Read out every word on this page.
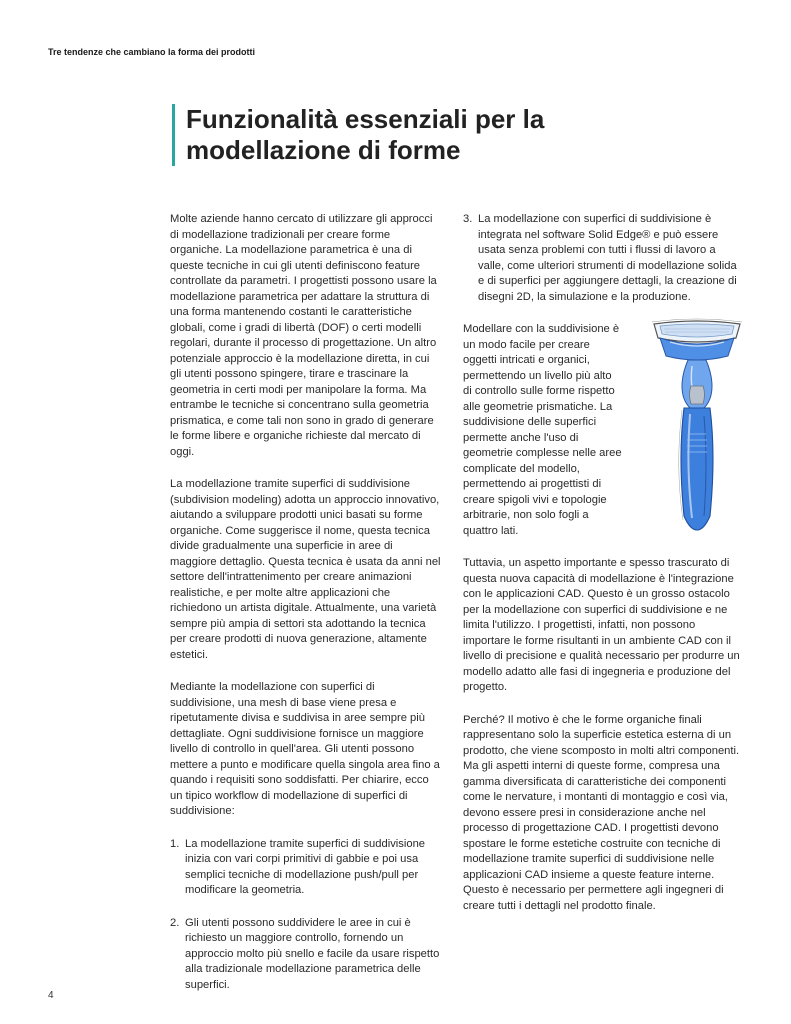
Tre tendenze che cambiano la forma dei prodotti
Funzionalità essenziali per la
modellazione di forme

Molte aziende hanno cercato di utilizzare gli approcci di modellazione tradizionali per creare forme organiche. La modellazione parametrica è una di queste tecniche in cui gli utenti definiscono feature controllate da parametri. I progettisti possono usare la modellazione parametrica per adattare la struttura di una forma mantenendo costanti le caratteristiche globali, come i gradi di libertà (DOF) o certi modelli regolari, durante il processo di progettazione. Un altro potenziale approccio è la modellazione diretta, in cui gli utenti possono spingere, tirare e trascinare la geometria in certi modi per manipolare la forma. Ma entrambe le tecniche si concentrano sulla geometria prismatica, e come tali non sono in grado di generare le forme libere e organiche richieste dal mercato di oggi.

La modellazione tramite superfici di suddivisione (subdivision modeling) adotta un approccio innovativo, aiutando a sviluppare prodotti unici basati su forme organiche. Come suggerisce il nome, questa tecnica divide gradualmente una superficie in aree di maggiore dettaglio. Questa tecnica è usata da anni nel settore dell'intrattenimento per creare animazioni realistiche, e per molte altre applicazioni che richiedono un artista digitale. Attualmente, una varietà sempre più ampia di settori sta adottando la tecnica per creare prodotti di nuova generazione, altamente estetici.

Mediante la modellazione con superfici di suddivisione, una mesh di base viene presa e ripetutamente divisa e suddivisa in aree sempre più dettagliate. Ogni suddivisione fornisce un maggiore livello di controllo in quell'area. Gli utenti possono mettere a punto e modificare quella singola area fino a quando i requisiti sono soddisfatti. Per chiarire, ecco un tipico workflow di modellazione di superfici di suddivisione:

1. La modellazione tramite superfici di suddivisione inizia con vari corpi primitivi di gabbie e poi usa semplici tecniche di modellazione push/pull per modificare la geometria.
2. Gli utenti possono suddividere le aree in cui è richiesto un maggiore controllo, fornendo un approccio molto più snello e facile da usare rispetto alla tradizionale modellazione parametrica delle superfici.
3. La modellazione con superfici di suddivisione è integrata nel software Solid Edge® e può essere usata senza problemi con tutti i flussi di lavoro a valle, come ulteriori strumenti di modellazione solida e di superfici per aggiungere dettagli, la creazione di disegni 2D, la simulazione e la produzione.

Modellare con la suddivisione è un modo facile per creare oggetti intricati e organici, permettendo un livello più alto di controllo sulle forme rispetto alle geometrie prismatiche. La suddivisione delle superfici permette anche l'uso di geometrie complesse nelle aree complicate del modello, permettendo ai progettisti di creare spigoli vivi e topologie arbitrarie, non solo fogli a quattro lati.

Tuttavia, un aspetto importante e spesso trascurato di questa nuova capacità di modellazione è l'integrazione con le applicazioni CAD. Questo è un grosso ostacolo per la modellazione con superfici di suddivisione e ne limita l'utilizzo. I progettisti, infatti, non possono importare le forme risultanti in un ambiente CAD con il livello di precisione e qualità necessario per produrre un modello adatto alle fasi di ingegneria e produzione del progetto.

Perché? Il motivo è che le forme organiche finali rappresentano solo la superficie estetica esterna di un prodotto, che viene scomposto in molti altri componenti. Ma gli aspetti interni di queste forme, compresa una gamma diversificata di caratteristiche dei componenti come le nervature, i montanti di montaggio e così via, devono essere presi in considerazione anche nel processo di progettazione CAD. I progettisti devono spostare le forme estetiche costruite con tecniche di modellazione tramite superfici di suddivisione nelle applicazioni CAD insieme a queste feature interne. Questo è necessario per permettere agli ingegneri di creare tutti i dettagli nel prodotto finale.

4
